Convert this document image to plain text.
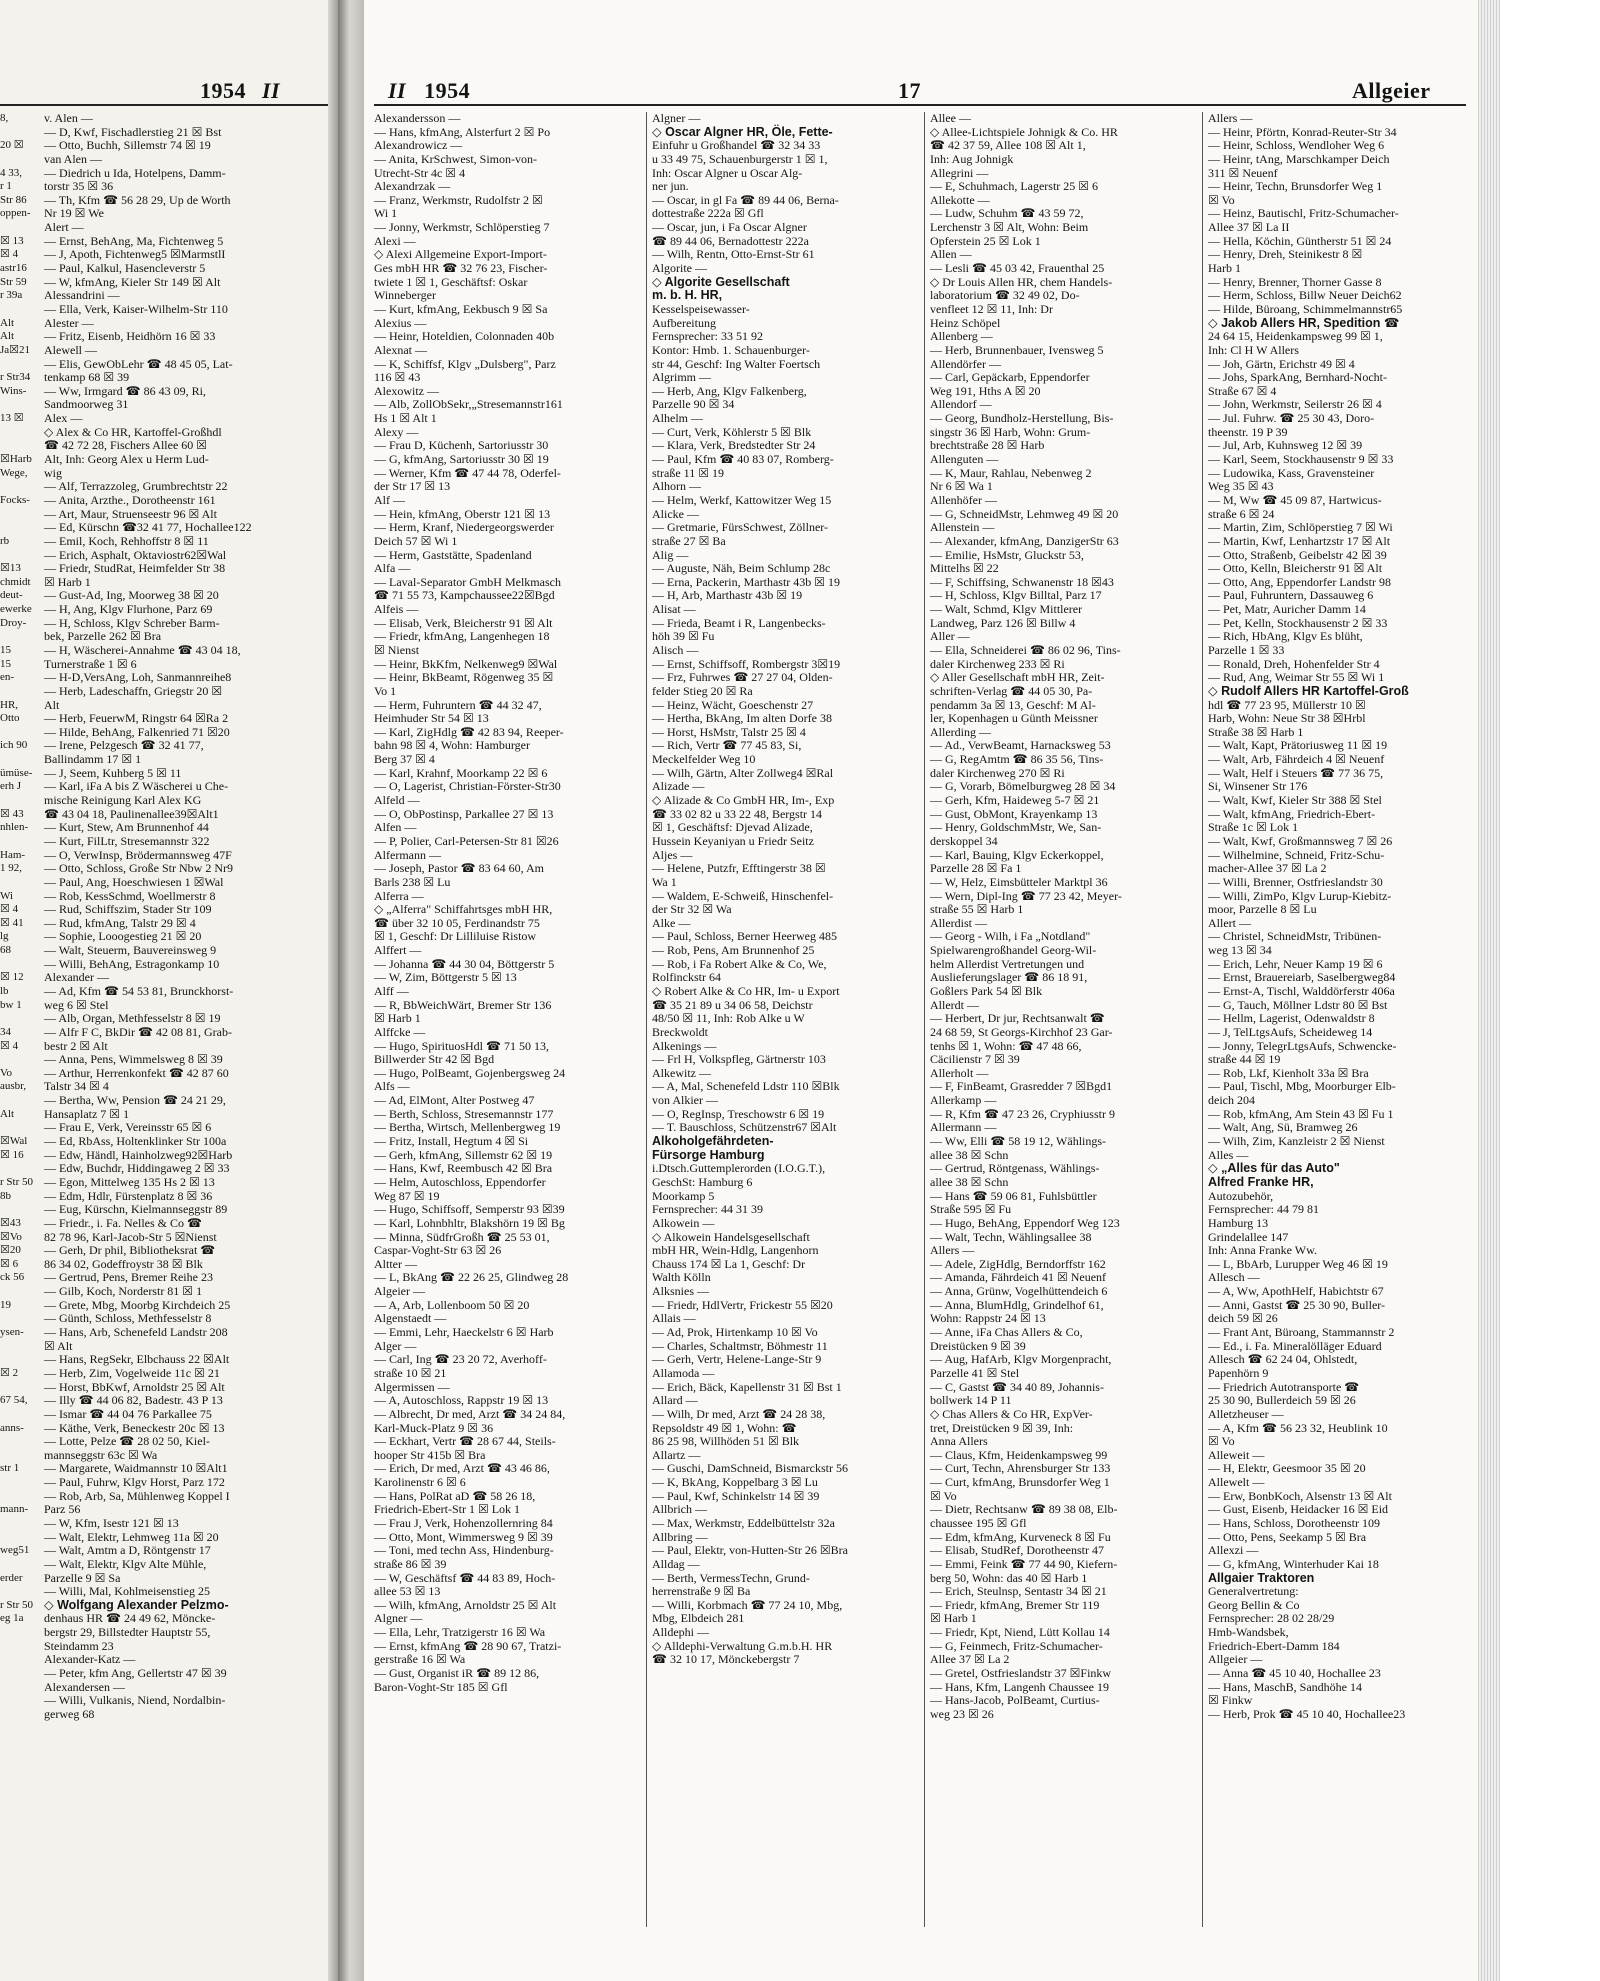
1954 II
8,
20 ☒
4 33,
r 1
Str 86
oppen-
☒ 13
☒ 4
astr16
Str 59
r 39a
Alt
Alt
Ja☒21
r Str34
Wins-
13 ☒
☒Harb
Wege,
Focks-
rb
☒13
chmidt
deut-
ewerke
Droy-
15
15
en-
HR,
Otto
ich 90
ümüse-
erh J
☒ 43
nhlen-
Ham-
1 92,
Wi
☒ 4
☒ 41
lg
68
☒ 12
lb
bw 1
34
☒ 4
Vo
ausbr,
Alt
☒Wal
☒ 16
r Str 50
8b
☒43
☒Vo
☒20
☒ 6
ck 56
19
ysen-
☒ 2
67 54,
anns-
str 1
mann-
weg51
erder
r Str 50
eg 1a
v. Alen —
— D, Kwf, Fischadlerstieg 21 ☒ Bst
— Otto, Buchh, Sillemstr 74 ☒ 19
van Alen —
— Diedrich u Ida, Hotelpens, Damm-
torstr 35 ☒ 36
— Th, Kfm ☎ 56 28 29, Up de Worth
Nr 19 ☒ We
Alert —
— Ernst, BehAng, Ma, Fichtenweg 5
— J, Apoth, Fichtenweg5 ☒MarmstlI
— Paul, Kalkul, Hasencleverstr 5
— W, kfmAng, Kieler Str 149 ☒ Alt
Alessandrini —
— Ella, Verk, Kaiser-Wilhelm-Str 110
Alester —
— Fritz, Eisenb, Heidhörn 16 ☒ 33
Alewell —
— Elis, GewObLehr ☎ 48 45 05, Lat-
tenkamp 68 ☒ 39
— Ww, Irmgard ☎ 86 43 09, Ri,
Sandmoorweg 31
Alex —
◇ Alex & Co HR, Kartoffel-Großhdl
☎ 42 72 28, Fischers Allee 60 ☒
Alt, Inh: Georg Alex u Herm Lud-
wig
— Alf, Terrazzoleg, Grumbrechtstr 22
— Anita, Arzthe., Dorotheenstr 161
— Art, Maur, Struenseestr 96 ☒ Alt
— Ed, Kürschn ☎32 41 77, Hochallee122
— Emil, Koch, Rehhoffstr 8 ☒ 11
— Erich, Asphalt, Oktaviostr62☒Wal
— Friedr, StudRat, Heimfelder Str 38
☒ Harb 1
— Gust-Ad, Ing, Moorweg 38 ☒ 20
— H, Ang, Klgv Flurhone, Parz 69
— H, Schloss, Klgv Schreber Barm-
bek, Parzelle 262 ☒ Bra
— H, Wäscherei-Annahme ☎ 43 04 18,
Turnerstraße 1 ☒ 6
— H-D,VersAng, Loh, Sanmannreihe8
— Herb, Ladeschaffn, Griegstr 20 ☒
Alt
— Herb, FeuerwM, Ringstr 64 ☒Ra 2
— Hilde, BehAng, Falkenried 71 ☒20
— Irene, Pelzgesch ☎ 32 41 77,
Ballindamm 17 ☒ 1
— J, Seem, Kuhberg 5 ☒ 11
— Karl, iFa A bis Z Wäscherei u Che-
mische Reinigung Karl Alex KG
☎ 43 04 18, Paulinenallee39☒Alt1
— Kurt, Stew, Am Brunnenhof 44
— Kurt, FilLtr, Stresemannstr 322
— O, VerwInsp, Brödermannsweg 47F
— Otto, Schloss, Große Str Nbw 2 Nr9
— Paul, Ang, Hoeschwiesen 1 ☒Wal
— Rob, KessSchmd, Woellmerstr 8
— Rud, Schiffszim, Stader Str 109
— Rud, kfmAng, Talstr 29 ☒ 4
— Sophie, Looogestieg 21 ☒ 20
— Walt, Steuerm, Bauvereinsweg 9
— Willi, BehAng, Estragonkamp 10
Alexander —
— Ad, Kfm ☎ 54 53 81, Brunckhorst-
weg 6 ☒ Stel
— Alb, Organ, Methfesselstr 8 ☒ 19
— Alfr F C, BkDir ☎ 42 08 81, Grab-
bestr 2 ☒ Alt
— Anna, Pens, Wimmelsweg 8 ☒ 39
— Arthur, Herrenkonfekt ☎ 42 87 60
Talstr 34 ☒ 4
— Bertha, Ww, Pension ☎ 24 21 29,
Hansaplatz 7 ☒ 1
— Frau E, Verk, Vereinsstr 65 ☒ 6
— Ed, RbAss, Holtenklinker Str 100a
— Edw, Händl, Hainholzweg92☒Harb
— Edw, Buchdr, Hiddingaweg 2 ☒ 33
— Egon, Mittelweg 135 Hs 2 ☒ 13
— Edm, Hdlr, Fürstenplatz 8 ☒ 36
— Eug, Kürschn, Kielmannseggstr 89
— Friedr., i. Fa. Nelles & Co ☎
82 78 96, Karl-Jacob-Str 5 ☒Nienst
— Gerh, Dr phil, Bibliotheksrat ☎
86 34 02, Godeffroystr 38 ☒ Blk
— Gertrud, Pens, Bremer Reihe 23
— Gilb, Koch, Norderstr 81 ☒ 1
— Grete, Mbg, Moorbg Kirchdeich 25
— Günth, Schloss, Methfesselstr 8
— Hans, Arb, Schenefeld Landstr 208
☒ Alt
— Hans, RegSekr, Elbchauss 22 ☒Alt
— Herb, Zim, Vogelweide 11c ☒ 21
— Horst, BbKwf, Arnoldstr 25 ☒ Alt
— Illy ☎ 44 06 82, Badestr. 43 P 13
— Ismar ☎ 44 04 76 Parkallee 75
— Käthe, Verk, Beneckestr 20c ☒ 13
— Lotte, Pelze ☎ 28 02 50, Kiel-
mannseggstr 63c ☒ Wa
— Margarete, Waidmannstr 10 ☒Alt1
— Paul, Fuhrw, Klgv Horst, Parz 172
— Rob, Arb, Sa, Mühlenweg Koppel I
Parz 56
— W, Kfm, Isestr 121 ☒ 13
— Walt, Elektr, Lehmweg 11a ☒ 20
— Walt, Amtm a D, Röntgenstr 17
— Walt, Elektr, Klgv Alte Mühle,
Parzelle 9 ☒ Sa
— Willi, Mal, Kohlmeisenstieg 25
◇ Wolfgang Alexander Pelzmo-
denhaus HR ☎ 24 49 62, Möncke-
bergstr 29, Billstedter Hauptstr 55,
Steindamm 23
Alexander-Katz —
— Peter, kfm Ang, Gellertstr 47 ☒ 39
Alexandersen —
— Willi, Vulkanis, Niend, Nordalbin-
gerweg 68
II 1954	17	Allgeier
Alexandersson —
— Hans, kfmAng, Alsterfurt 2 ☒ Po
Alexandrowicz —
— Anita, KrSchwest, Simon-von-
Utrecht-Str 4c ☒ 4
Alexandrzak —
— Franz, Werkmstr, Rudolfstr 2 ☒
Wi 1
— Jonny, Werkmstr, Schlöperstieg 7
Alexi —
◇ Alexi Allgemeine Export-Import-
Ges mbH HR ☎ 32 76 23, Fischer-
twiete 1 ☒ 1, Geschäftsf: Oskar
Winneberger
— Kurt, kfmAng, Eekbusch 9 ☒ Sa
Alexius —
— Heinr, Hoteldien, Colonnaden 40b
Alexnat —
— K, Schiffsf, Klgv „Dulsberg", Parz
116 ☒ 43
Alexowitz —
— Alb, ZollObSekr,„Stresemannstr161
Hs 1 ☒ Alt 1
Alexy —
— Frau D, Küchenh, Sartoriusstr 30
— G, kfmAng, Sartoriusstr 30 ☒ 19
— Werner, Kfm ☎ 47 44 78, Oderfel-
der Str 17 ☒ 13
Alf —
— Hein, kfmAng, Oberstr 121 ☒ 13
— Herm, Kranf, Niedergeorgswerder
Deich 57 ☒ Wi 1
— Herm, Gaststätte, Spadenland
Alfa —
— Laval-Separator GmbH Melkmasch
☎ 71 55 73, Kampchaussee22☒Bgd
Alfeis —
— Elisab, Verk, Bleicherstr 91 ☒ Alt
— Friedr, kfmAng, Langenhegen 18
☒ Nienst
— Heinr, BkKfm, Nelkenweg9 ☒Wal
— Heinr, BkBeamt, Rögenweg 35 ☒
Vo 1
— Herm, Fuhruntern ☎ 44 32 47,
Heimhuder Str 54 ☒ 13
— Karl, ZigHdlg ☎ 42 83 94, Reeper-
bahn 98 ☒ 4, Wohn: Hamburger
Berg 37 ☒ 4
— Karl, Krahnf, Moorkamp 22 ☒ 6
— O, Lagerist, Christian-Förster-Str30
Alfeld —
— O, ObPostinsp, Parkallee 27 ☒ 13
Alfen —
— P, Polier, Carl-Petersen-Str 81 ☒26
Alfermann —
— Joseph, Pastor ☎ 83 64 60, Am
Barls 238 ☒ Lu
Alferra —
◇ „Alferra" Schiffahrtsges mbH HR,
☎ über 32 10 05, Ferdinandstr 75
☒ 1, Geschf: Dr Lilliluise Ristow
Alffert —
— Johanna ☎ 44 30 04, Böttgerstr 5
— W, Zim, Böttgerstr 5 ☒ 13
Alff —
— R, BbWeichWärt, Bremer Str 136
☒ Harb 1
Alffcke —
— Hugo, SpirituosHdl ☎ 71 50 13,
Billwerder Str 42 ☒ Bgd
— Hugo, PolBeamt, Gojenbergsweg 24
Alfs —
— Ad, ElMont, Alter Postweg 47
— Berth, Schloss, Stresemannstr 177
— Bertha, Wirtsch, Mellenbergweg 19
— Fritz, Install, Hegtum 4 ☒ Si
— Gerh, kfmAng, Sillemstr 62 ☒ 19
— Hans, Kwf, Reembusch 42 ☒ Bra
— Helm, Autoschloss, Eppendorfer
Weg 87 ☒ 19
— Hugo, Schiffsoff, Semperstr 93 ☒39
— Karl, Lohnbhltr, Blakshörn 19 ☒ Bg
— Minna, SüdfrGroßh ☎ 25 53 01,
Caspar-Voght-Str 63 ☒ 26
Altter —
— L, BkAng ☎ 22 26 25, Glindweg 28
Algeier —
— A, Arb, Lollenboom 50 ☒ 20
Algenstaedt —
— Emmi, Lehr, Haeckelstr 6 ☒ Harb
Alger —
— Carl, Ing ☎ 23 20 72, Averhoff-
straße 10 ☒ 21
Algermissen —
— A, Autoschloss, Rappstr 19 ☒ 13
— Albrecht, Dr med, Arzt ☎ 34 24 84,
Karl-Muck-Platz 9 ☒ 36
— Eckhart, Vertr ☎ 28 67 44, Steils-
hooper Str 415b ☒ Bra
— Erich, Dr med, Arzt ☎ 43 46 86,
Karolinenstr 6 ☒ 6
— Hans, PolRat aD ☎ 58 26 18,
Friedrich-Ebert-Str 1 ☒ Lok 1
— Frau J, Verk, Hohenzollernring 84
— Otto, Mont, Wimmersweg 9 ☒ 39
— Toni, med techn Ass, Hindenburg-
straße 86 ☒ 39
— W, Geschäftsf ☎ 44 83 89, Hoch-
allee 53 ☒ 13
— Wilh, kfmAng, Arnoldstr 25 ☒ Alt
Algner —
— Ella, Lehr, Tratzigerstr 16 ☒ Wa
— Ernst, kfmAng ☎ 28 90 67, Tratzi-
gerstraße 16 ☒ Wa
— Gust, Organist iR ☎ 89 12 86,
Baron-Voght-Str 185 ☒ Gfl
Algner —
◇ Oscar Algner HR, Öle, Fette-
Einfuhr u Großhandel ☎ 32 34 33
u 33 49 75, Schauenburgerstr 1 ☒ 1,
Inh: Oscar Algner u Oscar Alg-
ner jun.
— Oscar, in gl Fa ☎ 89 44 06, Berna-
dottestraße 222a ☒ Gfl
— Oscar, jun, i Fa Oscar Algner
☎ 89 44 06, Bernadottestr 222a
— Wilh, Rentn, Otto-Ernst-Str 61
Algorite —
◇ Algorite Gesellschaft
m. b. H. HR,
Kesselspeisewasser-
Aufbereitung
Fernsprecher: 33 51 92
Kontor: Hmb. 1. Schauenburger-
str 44, Geschf: Ing Walter Foertsch
Algrimm —
— Herb, Ang, Klgv Falkenberg,
Parzelle 90 ☒ 34
Alhelm —
— Curt, Verk, Köhlerstr 5 ☒ Blk
— Klara, Verk, Bredstedter Str 24
— Paul, Kfm ☎ 40 83 07, Romberg-
straße 11 ☒ 19
Alhorn —
— Helm, Werkf, Kattowitzer Weg 15
Alicke —
— Gretmarie, FürsSchwest, Zöllner-
straße 27 ☒ Ba
Alig —
— Auguste, Näh, Beim Schlump 28c
— Erna, Packerin, Marthastr 43b ☒ 19
— H, Arb, Marthastr 43b ☒ 19
Alisat —
— Frieda, Beamt i R, Langenbecks-
höh 39 ☒ Fu
Alisch —
— Ernst, Schiffsoff, Rombergstr 3☒19
— Frz, Fuhrwes ☎ 27 27 04, Olden-
felder Stieg 20 ☒ Ra
— Heinz, Wächt, Goeschenstr 27
— Hertha, BkAng, Im alten Dorfe 38
— Horst, HsMstr, Talstr 25 ☒ 4
— Rich, Vertr ☎ 77 45 83, Si,
Meckelfelder Weg 10
— Wilh, Gärtn, Alter Zollweg4 ☒Ral
Alizade —
◇ Alizade & Co GmbH HR, Im-, Exp
☎ 33 02 82 u 33 22 48, Bergstr 14
☒ 1, Geschäftsf: Djevad Alizade,
Hussein Keyaniyan u Friedr Seitz
Aljes —
— Helene, Putzfr, Efftingerstr 38 ☒
Wa 1
— Waldem, E-Schweiß, Hinschenfel-
der Str 32 ☒ Wa
Alke —
— Paul, Schloss, Berner Heerweg 485
— Rob, Pens, Am Brunnenhof 25
— Rob, i Fa Robert Alke & Co, We,
Rolfinckstr 64
◇ Robert Alke & Co HR, Im- u Export
☎ 35 21 89 u 34 06 58, Deichstr
48/50 ☒ 11, Inh: Rob Alke u W
Breckwoldt
Alkenings —
— Frl H, Volkspfleg, Gärtnerstr 103
Alkewitz —
— A, Mal, Schenefeld Ldstr 110 ☒Blk
von Alkier —
— O, RegInsp, Treschowstr 6 ☒ 19
— T. Bauschloss, Schützenstr67 ☒Alt
Alkoholgefährdeten-
Fürsorge Hamburg
i.Dtsch.Guttemplerorden (I.O.G.T.),
GeschSt: Hamburg 6
Moorkamp 5
Fernsprecher: 44 31 39
Alkowein —
◇ Alkowein Handelsgesellschaft
mbH HR, Wein-Hdlg, Langenhorn
Chauss 174 ☒ La 1, Geschf: Dr
Walth Kölln
Alksnies —
— Friedr, HdlVertr, Frickestr 55 ☒20
Allais —
— Ad, Prok, Hirtenkamp 10 ☒ Vo
— Charles, Schaltmstr, Böhmestr 11
— Gerh, Vertr, Helene-Lange-Str 9
Allamoda —
— Erich, Bäck, Kapellenstr 31 ☒ Bst 1
Allard —
— Wilh, Dr med, Arzt ☎ 24 28 38,
Repsoldstr 49 ☒ 1, Wohn: ☎
86 25 98, Willhöden 51 ☒ Blk
Allartz —
— Guschi, DamSchneid, Bismarckstr 56
— K, BkAng, Koppelbarg 3 ☒ Lu
— Paul, Kwf, Schinkelstr 14 ☒ 39
Allbrich —
— Max, Werkmstr, Eddelbüttelstr 32a
Allbring —
— Paul, Elektr, von-Hutten-Str 26 ☒Bra
Alldag —
— Berth, VermessTechn, Grund-
herrenstraße 9 ☒ Ba
— Willi, Korbmach ☎ 77 24 10, Mbg,
Mbg, Elbdeich 281
Alldephi —
◇ Alldephi-Verwaltung G.m.b.H. HR
☎ 32 10 17, Mönckebergstr 7
Allee —
◇ Allee-Lichtspiele Johnigk & Co. HR
☎ 42 37 59, Allee 108 ☒ Alt 1,
Inh: Aug Johnigk
Allegrini —
— E, Schuhmach, Lagerstr 25 ☒ 6
Allekotte —
— Ludw, Schuhm ☎ 43 59 72,
Lerchenstr 3 ☒ Alt, Wohn: Beim
Opferstein 25 ☒ Lok 1
Allen —
— Lesli ☎ 45 03 42, Frauenthal 25
◇ Dr Louis Allen HR, chem Handels-
laboratorium ☎ 32 49 02, Do-
venfleet 12 ☒ 11, Inh: Dr
Heinz Schöpel
Allenberg —
— Herb, Brunnenbauer, Ivensweg 5
Allendörfer —
— Carl, Gepäckarb, Eppendorfer
Weg 191, Hths A ☒ 20
Allendorf —
— Georg, Bundholz-Herstellung, Bis-
singstr 36 ☒ Harb, Wohn: Grum-
brechtstraße 28 ☒ Harb
Allenguten —
— K, Maur, Rahlau, Nebenweg 2
Nr 6 ☒ Wa 1
Allenhöfer —
— G, SchneidMstr, Lehmweg 49 ☒ 20
Allenstein —
— Alexander, kfmAng, DanzigerStr 63
— Emilie, HsMstr, Gluckstr 53,
Mittelhs ☒ 22
— F, Schiffsing, Schwanenstr 18 ☒43
— H, Schloss, Klgv Billtal, Parz 17
— Walt, Schmd, Klgv Mittlerer
Landweg, Parz 126 ☒ Billw 4
Aller —
— Ella, Schneiderei ☎ 86 02 96, Tins-
daler Kirchenweg 233 ☒ Ri
◇ Aller Gesellschaft mbH HR, Zeit-
schriften-Verlag ☎ 44 05 30, Pa-
pendamm 3a ☒ 13, Geschf: M Al-
ler, Kopenhagen u Günth Meissner
Allerding —
— Ad., VerwBeamt, Harnacksweg 53
— G, RegAmtm ☎ 86 35 56, Tins-
daler Kirchenweg 270 ☒ Ri
— G, Vorarb, Bömelburgweg 28 ☒ 34
— Gerh, Kfm, Haideweg 5-7 ☒ 21
— Gust, ObMont, Krayenkamp 13
— Henry, GoldschmMstr, We, San-
derskoppel 34
— Karl, Bauing, Klgv Eckerkoppel,
Parzelle 28 ☒ Fa 1
— W, Helz, Eimsbütteler Marktpl 36
— Wern, Dipl-Ing ☎ 77 23 42, Meyer-
straße 55 ☒ Harb 1
Allerdist —
— Georg - Wilh, i Fa „Notdland"
Spielwarengroßhandel Georg-Wil-
helm Allerdist Vertretungen und
Auslieferungslager ☎ 86 18 91,
Goßlers Park 54 ☒ Blk
Allerdt —
— Herbert, Dr jur, Rechtsanwalt ☎
24 68 59, St Georgs-Kirchhof 23 Gar-
tenhs ☒ 1, Wohn: ☎ 47 48 66,
Cäcilienstr 7 ☒ 39
Allerholt —
— F, FinBeamt, Grasredder 7 ☒Bgd1
Allerkamp —
— R, Kfm ☎ 47 23 26, Cryphiusstr 9
Allermann —
— Ww, Elli ☎ 58 19 12, Wählings-
allee 38 ☒ Schn
— Gertrud, Röntgenass, Wählings-
allee 38 ☒ Schn
— Hans ☎ 59 06 81, Fuhlsbüttler
Straße 595 ☒ Fu
— Hugo, BehAng, Eppendorf Weg 123
— Walt, Techn, Wählingsallee 38
Allers —
— Adele, ZigHdlg, Berndorffstr 162
— Amanda, Fährdeich 41 ☒ Neuenf
— Anna, Grünw, Vogelhüttendeich 6
— Anna, BlumHdlg, Grindelhof 61,
Wohn: Rappstr 24 ☒ 13
— Anne, iFa Chas Allers & Co,
Dreistücken 9 ☒ 39
— Aug, HafArb, Klgv Morgenpracht,
Parzelle 41 ☒ Stel
— C, Gastst ☎ 34 40 89, Johannis-
bollwerk 14 P 11
◇ Chas Allers & Co HR, ExpVer-
tret, Dreistücken 9 ☒ 39, Inh:
Anna Allers
— Claus, Kfm, Heidenkampsweg 99
— Curt, Techn, Ahrensburger Str 133
— Curt, kfmAng, Brunsdorfer Weg 1
☒ Vo
— Dietr, Rechtsanw ☎ 89 38 08, Elb-
chaussee 195 ☒ Gfl
— Edm, kfmAng, Kurveneck 8 ☒ Fu
— Elisab, StudRef, Dorotheenstr 47
— Emmi, Feink ☎ 77 44 90, Kiefern-
berg 50, Wohn: das 40 ☒ Harb 1
— Erich, Steulnsp, Sentastr 34 ☒ 21
— Friedr, kfmAng, Bremer Str 119
☒ Harb 1
— Friedr, Kpt, Niend, Lütt Kollau 14
— G, Feinmech, Fritz-Schumacher-
Allee 37 ☒ La 2
— Gretel, Ostfrieslandstr 37 ☒Finkw
— Hans, Kfm, Langenh Chaussee 19
— Hans-Jacob, PolBeamt, Curtius-
weg 23 ☒ 26
Allers —
— Heinr, Pförtn, Konrad-Reuter-Str 34
— Heinr, Schloss, Wendloher Weg 6
— Heinr, tAng, Marschkamper Deich
311 ☒ Neuenf
— Heinr, Techn, Brunsdorfer Weg 1
☒ Vo
— Heinz, Bautischl, Fritz-Schumacher-
Allee 37 ☒ La II
— Hella, Köchin, Güntherstr 51 ☒ 24
— Henry, Dreh, Steinikestr 8 ☒
Harb 1
— Henry, Brenner, Thorner Gasse 8
— Herm, Schloss, Billw Neuer Deich62
— Hilde, Büroang, Schimmelmannstr65
◇ Jakob Allers HR, Spedition ☎
24 64 15, Heidenkampsweg 99 ☒ 1,
Inh: Cl H W Allers
— Joh, Gärtn, Erichstr 49 ☒ 4
— Johs, SparkAng, Bernhard-Nocht-
Straße 67 ☒ 4
— John, Werkmstr, Seilerstr 26 ☒ 4
— Jul. Fuhrw. ☎ 25 30 43, Doro-
theenstr. 19 P 39
— Jul, Arb, Kuhnsweg 12 ☒ 39
— Karl, Seem, Stockhausenstr 9 ☒ 33
— Ludowika, Kass, Gravensteiner
Weg 35 ☒ 43
— M, Ww ☎ 45 09 87, Hartwicus-
straße 6 ☒ 24
— Martin, Zim, Schlöperstieg 7 ☒ Wi
— Martin, Kwf, Lenhartzstr 17 ☒ Alt
— Otto, Straßenb, Geibelstr 42 ☒ 39
— Otto, Kelln, Bleicherstr 91 ☒ Alt
— Otto, Ang, Eppendorfer Landstr 98
— Paul, Fuhruntern, Dassauweg 6
— Pet, Matr, Auricher Damm 14
— Pet, Kelln, Stockhausenstr 2 ☒ 33
— Rich, HbAng, Klgv Es blüht,
Parzelle 1 ☒ 33
— Ronald, Dreh, Hohenfelder Str 4
— Rud, Ang, Weimar Str 55 ☒ Wi 1
◇ Rudolf Allers HR Kartoffel-Groß
hdl ☎ 77 23 95, Müllerstr 10 ☒
Harb, Wohn: Neue Str 38 ☒Hrbl
Straße 38 ☒ Harb 1
— Walt, Kapt, Prätoriusweg 11 ☒ 19
— Walt, Arb, Fährdeich 4 ☒ Neuenf
— Walt, Helf i Steuers ☎ 77 36 75,
Si, Winsener Str 176
— Walt, Kwf, Kieler Str 388 ☒ Stel
— Walt, kfmAng, Friedrich-Ebert-
Straße 1c ☒ Lok 1
— Walt, Kwf, Großmannsweg 7 ☒ 26
— Wilhelmine, Schneid, Fritz-Schu-
macher-Allee 37 ☒ La 2
— Willi, Brenner, Ostfrieslandstr 30
— Willi, ZimPo, Klgv Lurup-Kiebitz-
moor, Parzelle 8 ☒ Lu
Allert —
— Christel, SchneidMstr, Tribünen-
weg 13 ☒ 34
— Erich, Lehr, Neuer Kamp 19 ☒ 6
— Ernst, Brauereiarb, Saselbergweg84
— Ernst-A, Tischl, Walddörferstr 406a
— G, Tauch, Möllner Ldstr 80 ☒ Bst
— Hellm, Lagerist, Odenwaldstr 8
— J, TelLtgsAufs, Scheideweg 14
— Jonny, TelegrLtgsAufs, Schwencke-
straße 44 ☒ 19
— Rob, Lkf, Kienholt 33a ☒ Bra
— Paul, Tischl, Mbg, Moorburger Elb-
deich 204
— Rob, kfmAng, Am Stein 43 ☒ Fu 1
— Walt, Ang, Sü, Bramweg 26
— Wilh, Zim, Kanzleistr 2 ☒ Nienst
Alles —
◇ „Alles für das Auto"
Alfred Franke HR,
Autozubehör,
Fernsprecher: 44 79 81
Hamburg 13
Grindelallee 147
Inh: Anna Franke Ww.
— L, BbArb, Lurupper Weg 46 ☒ 19
Allesch —
— A, Ww, ApothHelf, Habichtstr 67
— Anni, Gastst ☎ 25 30 90, Buller-
deich 59 ☒ 26
— Frant Ant, Büroang, Stammannstr 2
— Ed., i. Fa. Mineralölläger Eduard
Allesch ☎ 62 24 04, Ohlstedt,
Papenhörn 9
— Friedrich Autotransporte ☎
25 30 90, Bullerdeich 59 ☒ 26
Alletzheuser —
— A, Kfm ☎ 56 23 32, Heublink 10
☒ Vo
Alleweit —
— H, Elektr, Geesmoor 35 ☒ 20
Allewelt —
— Erw, BonbKoch, Alsenstr 13 ☒ Alt
— Gust, Eisenb, Heidacker 16 ☒ Eid
— Hans, Schloss, Dorotheenstr 109
— Otto, Pens, Seekamp 5 ☒ Bra
Allexzi —
— G, kfmAng, Winterhuder Kai 18
Allgaier Traktoren
Generalvertretung:
Georg Bellin & Co
Fernsprecher: 28 02 28/29
Hmb-Wandsbek,
Friedrich-Ebert-Damm 184
Allgeier —
— Anna ☎ 45 10 40, Hochallee 23
— Hans, MaschB, Sandhöhe 14
☒ Finkw
— Herb, Prok ☎ 45 10 40, Hochallee23
